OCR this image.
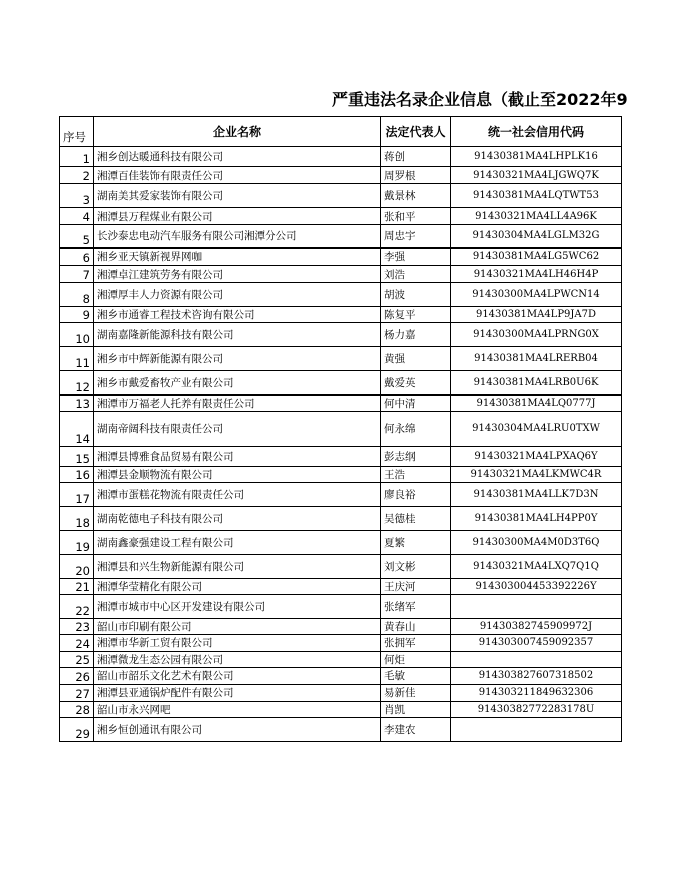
严重违法名录企业信息（截止至2022年9
序号	企业名称	法定代表人	统一社会信用代码
1	湘乡创达暖通科技有限公司	蒋创	91430381MA4LHPLK16
2	湘潭百佳装饰有限责任公司	周罗根	91430321MA4LJGWQ7K
3	湖南美其爱家装饰有限公司	戴景林	91430381MA4LQTWT53
4	湘潭县万程煤业有限公司	张和平	91430321MA4LL4A96K
5	长沙泰忠电动汽车服务有限公司湘潭分公司	周忠宇	91430304MA4LGLM32G
6	湘乡亚天镇新视界网咖	李强	91430381MA4LG5WC62
7	湘潭卓江建筑劳务有限公司	刘浩	91430321MA4LH46H4P
8	湘潭厚丰人力资源有限公司	胡波	91430300MA4LPWCN14
9	湘乡市通睿工程技术咨询有限公司	陈复平	91430381MA4LP9JA7D
10	湖南嘉隆新能源科技有限公司	杨力嘉	91430300MA4LPRNG0X
11	湘乡市中辉新能源有限公司	黄强	91430381MA4LRERB04
12	湘乡市戴爱畜牧产业有限公司	戴爱英	91430381MA4LRB0U6K
13	湘潭市万福老人托养有限责任公司	何中清	91430381MA4LQ0777J
14	湖南帝阔科技有限责任公司	何永绵	91430304MA4LRU0TXW
15	湘潭县博雅食品贸易有限公司	彭志纲	91430321MA4LPXAQ6Y
16	湘潭县金顺物流有限公司	王浩	91430321MA4LKMWC4R
17	湘潭市蛋糕花物流有限责任公司	廖良裕	91430381MA4LLK7D3N
18	湖南乾德电子科技有限公司	吴德桂	91430381MA4LH4PP0Y
19	湖南鑫豪强建设工程有限公司	夏繁	91430300MA4M0D3T6Q
20	湘潭县和兴生物新能源有限公司	刘文彬	91430321MA4LXQ7Q1Q
21	湘潭华莹精化有限公司	王庆河	914303004453392226Y
22	湘潭市城市中心区开发建设有限公司	张绪军	
23	韶山市印刷有限公司	黄春山	91430382745909972J
24	湘潭市华新工贸有限公司	张拥军	914303007459092357
25	湘潭微龙生态公园有限公司	何炬	
26	韶山市韶乐文化艺术有限公司	毛敏	914303827607318502
27	湘潭县亚通锅炉配件有限公司	易新佳	914303211849632306
28	韶山市永兴网吧	肖凯	91430382772283178U
29	湘乡恒创通讯有限公司	李建农	
